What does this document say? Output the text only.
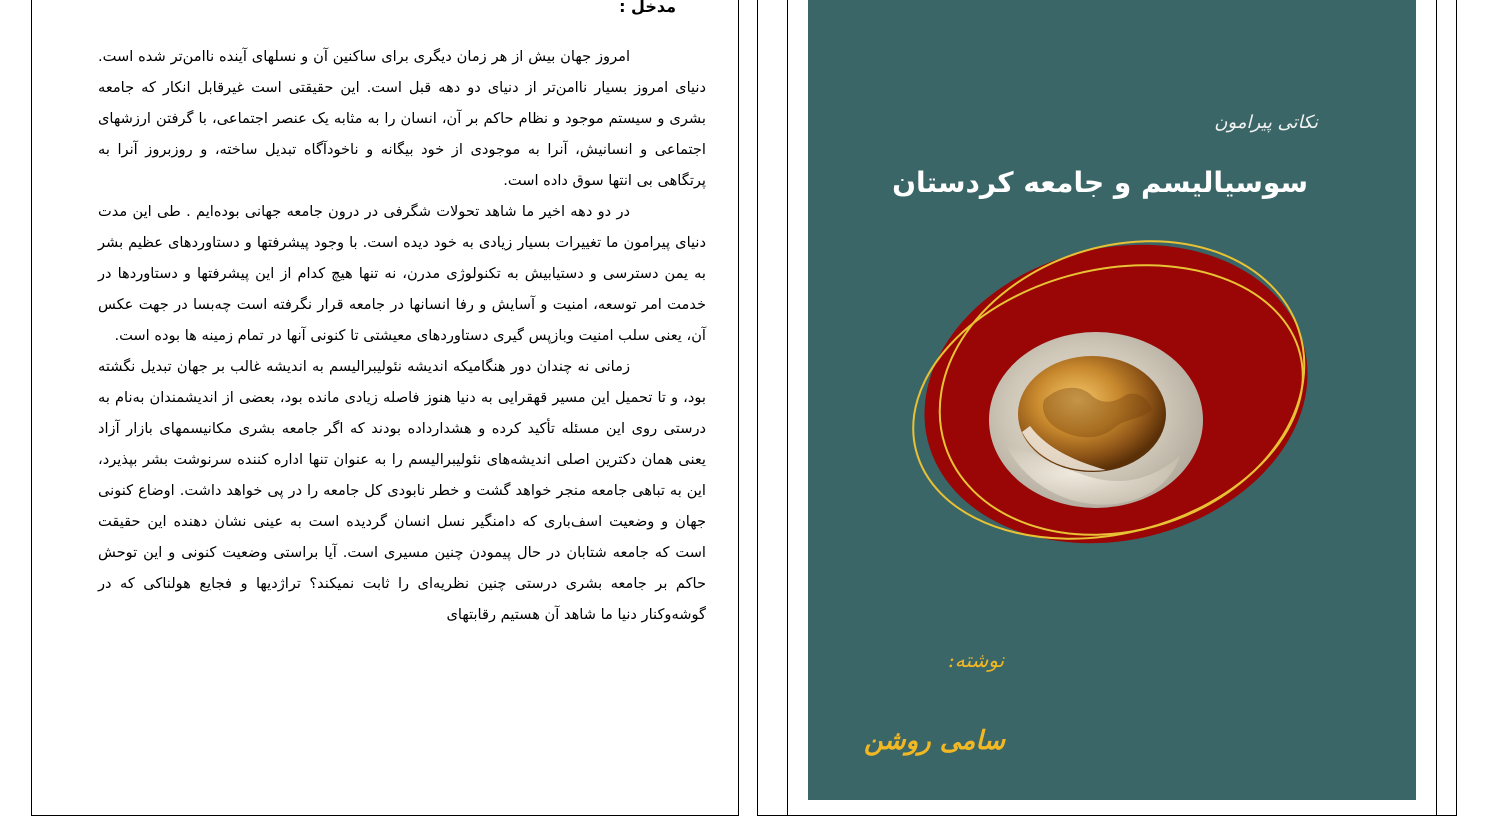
مدخل :

امروز جهان بیش از هر زمان دیگری برای ساکنین آن و نسلهای آینده ناامن‌تر شده است. دنیای امروز بسیار ناامن‌تر از دنیای دو دهه قبل است. این حقیقتی است غیرقابل انکار که جامعه بشری و سیستم موجود و نظام حاکم بر آن، انسان را به مثابه یک عنصر اجتماعی، با گرفتن ارزشهای اجتماعی و انسانیش، آنرا به موجودی از خود بیگانه و ناخودآگاه تبدیل ساخته، و روزبروز آنرا به پرتگاهی بی انتها سوق داده است.

در دو دهه اخیر ما شاهد تحولات شگرفی در درون جامعه جهانی بوده‌ایم . طی این مدت دنیای پیرامون ما تغییرات بسیار زیادی به خود دیده است. با وجود پیشرفتها و دستاوردهای عظیم بشر به یمن دسترسی و دستیابیش به تکنولوژی مدرن، نه تنها هیچ کدام از این پیشرفتها و دستاوردها در خدمت امر توسعه، امنیت و آسایش و رفا انسانها در جامعه قرار نگرفته است چه‌بسا در جهت عکس آن، یعنی سلب امنیت وبازپس گیری دستاوردهای معیشتی تا کنونی آنها در تمام زمینه ها بوده است.

زمانی نه چندان دور هنگامیکه اندیشه نئولیبرالیسم به اندیشه غالب بر جهان تبدیل نگشته بود، و تا تحمیل این مسیر قهقرایی به دنیا هنوز فاصله زیادی مانده بود، بعضی از اندیشمندان به‌نام به درستی روی این مسئله تأکید کرده و هشدارداده بودند که اگر جامعه بشری مکانیسمهای بازار آزاد یعنی همان دکترین اصلی اندیشه‌های نئولیبرالیسم را به عنوان تنها اداره کننده سرنوشت بشر بپذیرد، این به تباهی جامعه منجر خواهد گشت و خطر نابودی کل جامعه را در پی خواهد داشت. اوضاع کنونی جهان و وضعیت اسف‌باری که دامنگیر نسل انسان گردیده است به عینی نشان دهنده این حقیقت است که جامعه شتابان در حال پیمودن چنین مسیری است. آیا براستی وضعیت کنونی و این توحش حاکم بر جامعه بشری درستی چنین نظریه‌ای را ثابت نمیکند؟ تراژدیها و فجایع هولناکی که در گوشه‌وکنار دنیا ما شاهد آن هستیم رقابتهای

نکاتی پیرامون
سوسیالیسم و جامعه کردستان
نوشته:
سامی روشن
